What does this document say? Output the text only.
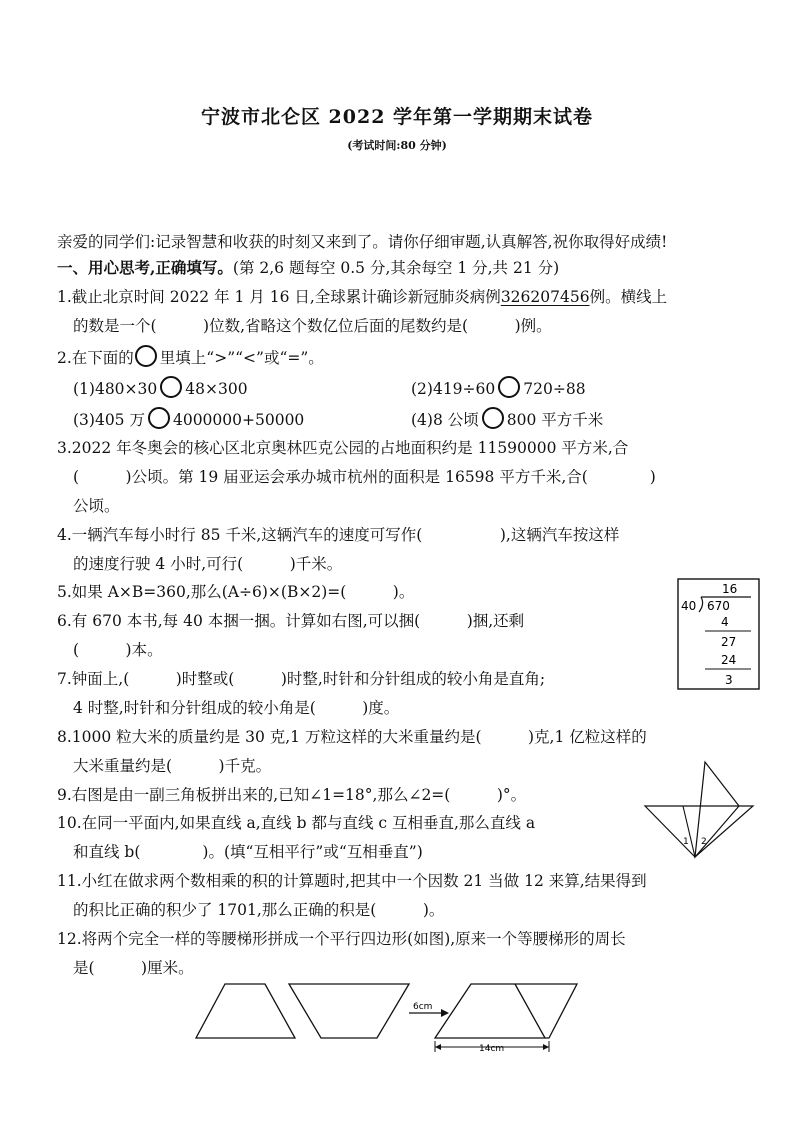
宁波市北仑区 2022 学年第一学期期末试卷
(考试时间:80 分钟)
亲爱的同学们:记录智慧和收获的时刻又来到了。请你仔细审题,认真解答,祝你取得好成绩!
一、用心思考,正确填写。(第 2,6 题每空 0.5 分,其余每空 1 分,共 21 分)
1.截止北京时间 2022 年 1 月 16 日,全球累计确诊新冠肺炎病例326207456例。横线上
的数是一个(　　　)位数,省略这个数亿位后面的尾数约是(　　　)例。
2.在下面的 里填上“>”“<”或“=”。
(1)480×30 48×300	(2)419÷60 720÷88
(3)405 万 4000000+50000	(4)8 公顷 800 平方千米
3.2022 年冬奥会的核心区北京奥林匹克公园的占地面积约是 11590000 平方米,合
(　　　)公顷。第 19 届亚运会承办城市杭州的面积是 16598 平方千米,合(　　　　)
公顷。
4.一辆汽车每小时行 85 千米,这辆汽车的速度可写作(　　　　　),这辆汽车按这样
的速度行驶 4 小时,可行(　　　)千米。
5.如果 A×B=360,那么(A÷6)×(B×2)=(　　　)。
6.有 670 本书,每 40 本捆一捆。计算如右图,可以捆(　　　)捆,还剩
(　　　)本。
7.钟面上,(　　　)时整或(　　　)时整,时针和分针组成的较小角是直角;
4 时整,时针和分针组成的较小角是(　　　)度。
8.1000 粒大米的质量约是 30 克,1 万粒这样的大米重量约是(　　　)克,1 亿粒这样的
大米重量约是(　　　)千克。
9.右图是由一副三角板拼出来的,已知∠1=18°,那么∠2=(　　　)°。
10.在同一平面内,如果直线 a,直线 b 都与直线 c 互相垂直,那么直线 a
和直线 b(　　　　)。(填“互相平行”或“互相垂直”)
11.小红在做求两个数相乘的积的计算题时,把其中一个因数 21 当做 12 来算,结果得到
的积比正确的积少了 1701,那么正确的积是(　　　)。
12.将两个完全一样的等腰梯形拼成一个平行四边形(如图),原来一个等腰梯形的周长
是(　　　)厘米。
16
40 670
4
27
24
3
1 2
6cm
14cm
